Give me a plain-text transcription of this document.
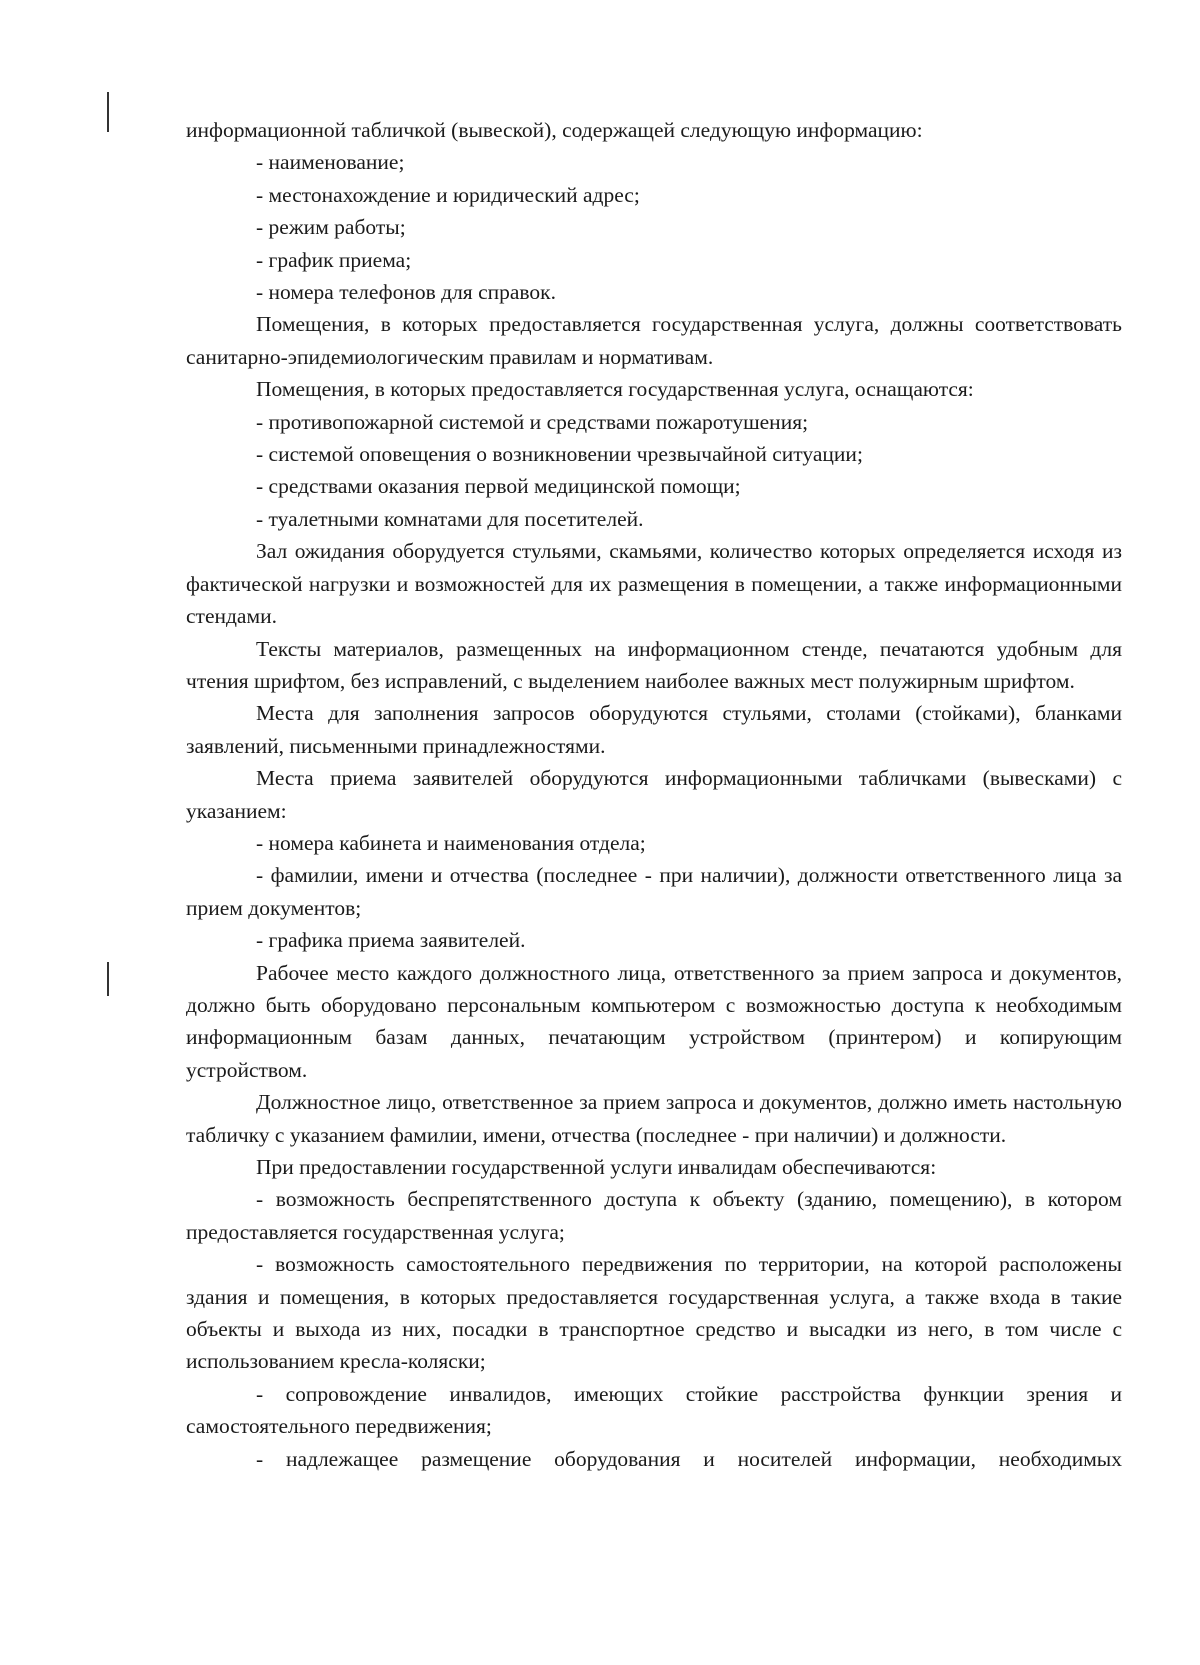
информационной табличкой (вывеской), содержащей следующую информацию:

- наименование;

- местонахождение и юридический адрес;

- режим работы;

- график приема;

- номера телефонов для справок.

Помещения, в которых предоставляется государственная услуга, должны соответствовать санитарно-эпидемиологическим правилам и нормативам.

Помещения, в которых предоставляется государственная услуга, оснащаются:

- противопожарной системой и средствами пожаротушения;

- системой оповещения о возникновении чрезвычайной ситуации;

- средствами оказания первой медицинской помощи;

- туалетными комнатами для посетителей.

Зал ожидания оборудуется стульями, скамьями, количество которых определяется исходя из фактической нагрузки и возможностей для их размещения в помещении, а также информационными стендами.

Тексты материалов, размещенных на информационном стенде, печатаются удобным для чтения шрифтом, без исправлений, с выделением наиболее важных мест полужирным шрифтом.

Места для заполнения запросов оборудуются стульями, столами (стойками), бланками заявлений, письменными принадлежностями.

Места приема заявителей оборудуются информационными табличками (вывесками) с указанием:

- номера кабинета и наименования отдела;

- фамилии, имени и отчества (последнее - при наличии), должности ответственного лица за прием документов;

- графика приема заявителей.

Рабочее место каждого должностного лица, ответственного за прием запроса и документов, должно быть оборудовано персональным компьютером с возможностью доступа к необходимым информационным базам данных, печатающим устройством (принтером) и копирующим устройством.

Должностное лицо, ответственное за прием запроса и документов, должно иметь настольную табличку с указанием фамилии, имени, отчества (последнее - при наличии) и должности.

При предоставлении государственной услуги инвалидам обеспечиваются:

- возможность беспрепятственного доступа к объекту (зданию, помещению), в котором предоставляется государственная услуга;

- возможность самостоятельного передвижения по территории, на которой расположены здания и помещения, в которых предоставляется государственная услуга, а также входа в такие объекты и выхода из них, посадки в транспортное средство и высадки из него, в том числе с использованием кресла-коляски;

- сопровождение инвалидов, имеющих стойкие расстройства функции зрения и самостоятельного передвижения;

- надлежащее размещение оборудования и носителей информации, необходимых
